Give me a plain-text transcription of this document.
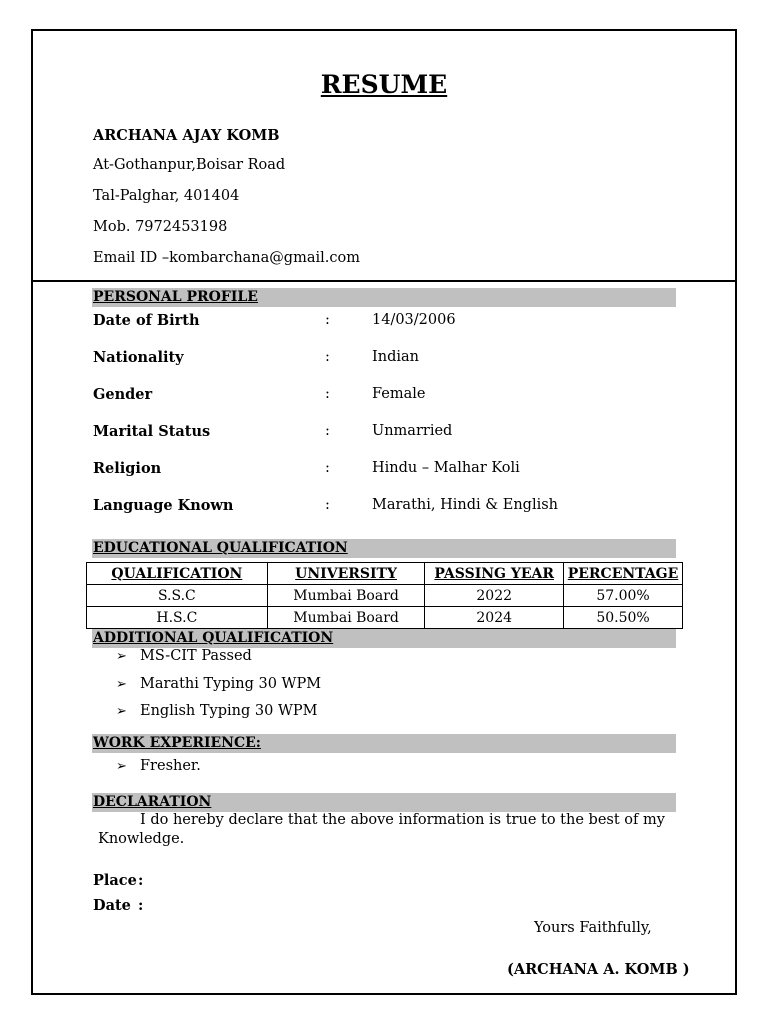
RESUME
ARCHANA AJAY KOMB
At-Gothanpur,Boisar Road
Tal-Palghar, 401404
Mob. 7972453198
Email ID –kombarchana@gmail.com
PERSONAL PROFILE
Date of Birth	:	14/03/2006
Nationality	:	Indian
Gender	:	Female
Marital Status	:	Unmarried
Religion	:	Hindu – Malhar Koli
Language Known	:	Marathi, Hindi & English
EDUCATIONAL QUALIFICATION
QUALIFICATION	UNIVERSITY	PASSING YEAR	PERCENTAGE
S.S.C	Mumbai Board	2022	57.00%
H.S.C	Mumbai Board	2024	50.50%
ADDITIONAL QUALIFICATION
➢ MS-CIT Passed
➢ Marathi Typing 30 WPM
➢ English Typing 30 WPM
WORK EXPERIENCE:
➢ Fresher.
DECLARATION
I do hereby declare that the above information is true to the best of my
Knowledge.
Place :
Date :
Yours Faithfully,
(ARCHANA A. KOMB )
